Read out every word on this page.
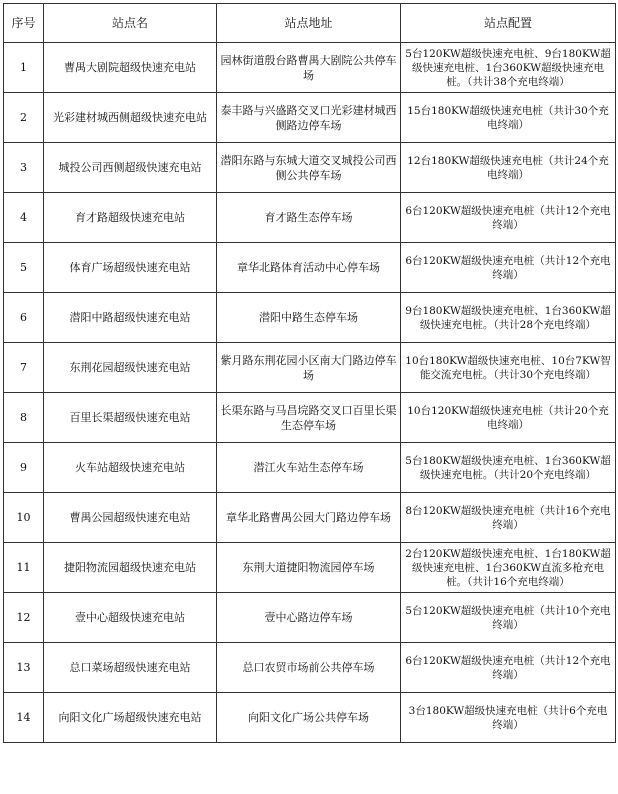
序号	站点名	站点地址	站点配置
1	曹禺大剧院超级快速充电站	园林街道殷台路曹禺大剧院公共停车场	5台120KW超级快速充电桩、9台180KW超级快速充电桩、1台360KW超级快速充电桩。（共计38个充电终端）
2	光彩建材城西侧超级快速充电站	泰丰路与兴盛路交叉口光彩建材城西侧路边停车场	15台180KW超级快速充电桩（共计30个充电终端）
3	城投公司西侧超级快速充电站	潜阳东路与东城大道交叉城投公司西侧公共停车场	12台180KW超级快速充电桩（共计24个充电终端）
4	育才路超级快速充电站	育才路生态停车场	6台120KW超级快速充电桩（共计12个充电终端）
5	体育广场超级快速充电站	章华北路体育活动中心停车场	6台120KW超级快速充电桩（共计12个充电终端）
6	潜阳中路超级快速充电站	潜阳中路生态停车场	9台180KW超级快速充电桩、1台360KW超级快速充电桩。（共计28个充电终端）
7	东荆花园超级快速充电站	紫月路东荆花园小区南大门路边停车场	10台180KW超级快速充电桩、10台7KW智能交流充电桩。（共计30个充电终端）
8	百里长渠超级快速充电站	长渠东路与马昌垸路交叉口百里长渠生态停车场	10台120KW超级快速充电桩（共计20个充电终端）
9	火车站超级快速充电站	潜江火车站生态停车场	5台180KW超级快速充电桩、1台360KW超级快速充电桩。（共计20个充电终端）
10	曹禺公园超级快速充电站	章华北路曹禺公园大门路边停车场	8台120KW超级快速充电桩（共计16个充电终端）
11	捷阳物流园超级快速充电站	东荆大道捷阳物流园停车场	2台120KW超级快速充电桩、1台180KW超级快速充电桩、1台360KW直流多枪充电桩。（共计16个充电终端）
12	壹中心超级快速充电站	壹中心路边停车场	5台120KW超级快速充电桩（共计10个充电终端）
13	总口菜场超级快速充电站	总口农贸市场前公共停车场	6台120KW超级快速充电桩（共计12个充电终端）
14	向阳文化广场超级快速充电站	向阳文化广场公共停车场	3台180KW超级快速充电桩（共计6个充电终端）
